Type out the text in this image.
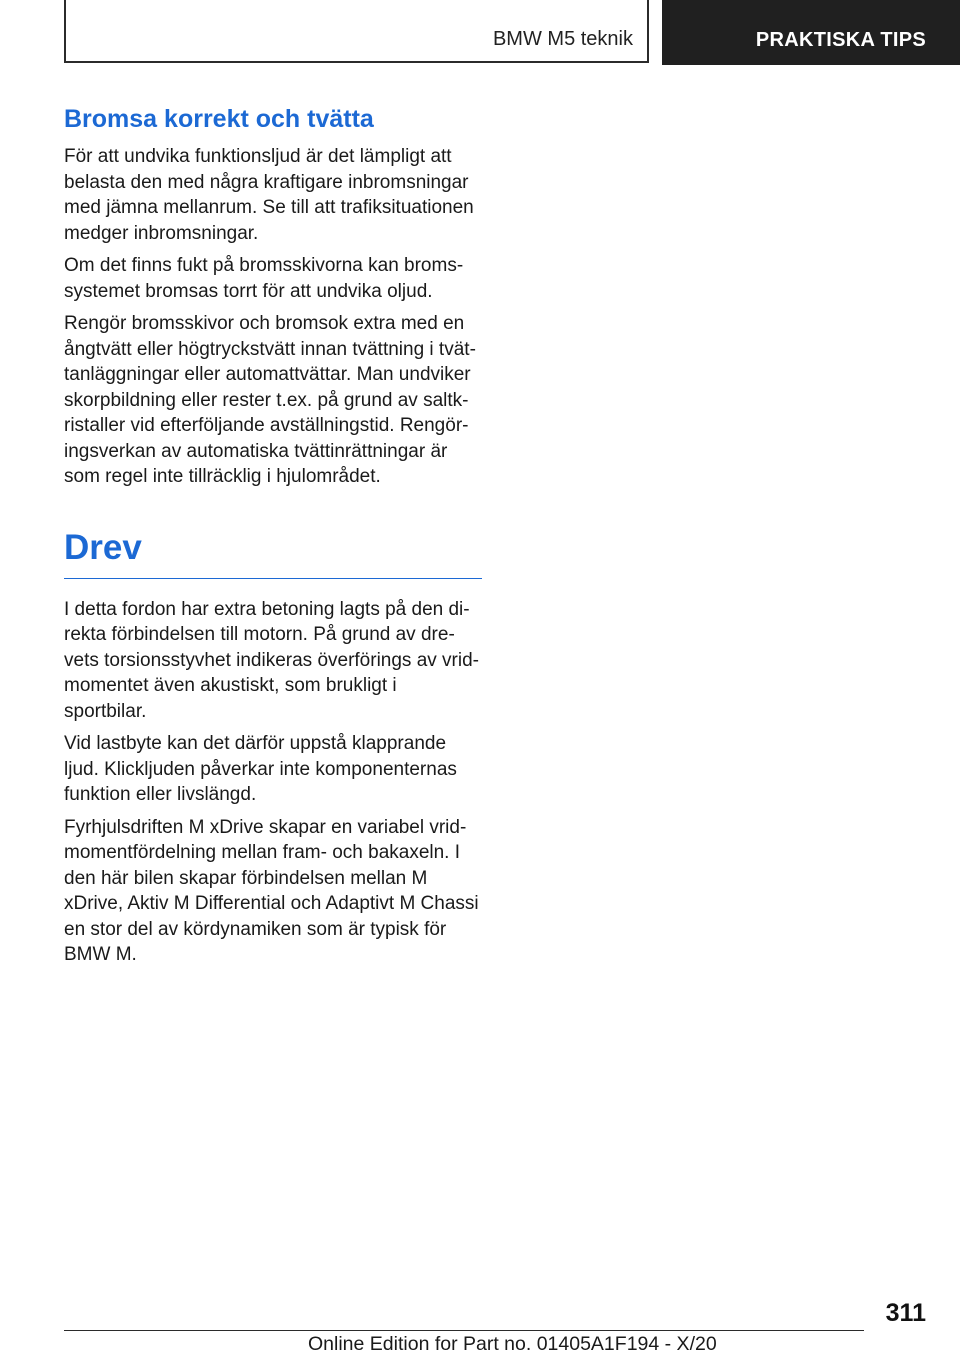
BMW M5 teknik	PRAKTISKA TIPS
Bromsa korrekt och tvätta

För att undvika funktionsljud är det lämpligt att belasta den med några kraftigare inbromsningar med jämna mellanrum. Se till att trafiksituationen medger inbromsningar.

Om det finns fukt på bromsskivorna kan bromssystemet bromsas torrt för att undvika oljud.

Rengör bromsskivor och bromsok extra med en ångtvätt eller högtryckstvätt innan tvättning i tvättanläggningar eller automattvättar. Man undviker skorpbildning eller rester t.ex. på grund av saltkristaller vid efterföljande avställningstid. Rengöringsverkan av automatiska tvättinrättningar är som regel inte tillräcklig i hjulområdet.

Drev

I detta fordon har extra betoning lagts på den direkta förbindelsen till motorn. På grund av drevets torsionsstyvhet indikeras överförings av vridmomentet även akustiskt, som brukligt i sportbilar.

Vid lastbyte kan det därför uppstå klapprande ljud. Klickljuden påverkar inte komponenternas funktion eller livslängd.

Fyrhjulsdriften M xDrive skapar en variabel vridmomentfördelning mellan fram- och bakaxeln. I den här bilen skapar förbindelsen mellan M xDrive, Aktiv M Differential och Adaptivt M Chassi en stor del av kördynamiken som är typisk för BMW M.

311
Online Edition for Part no. 01405A1F194 - X/20
